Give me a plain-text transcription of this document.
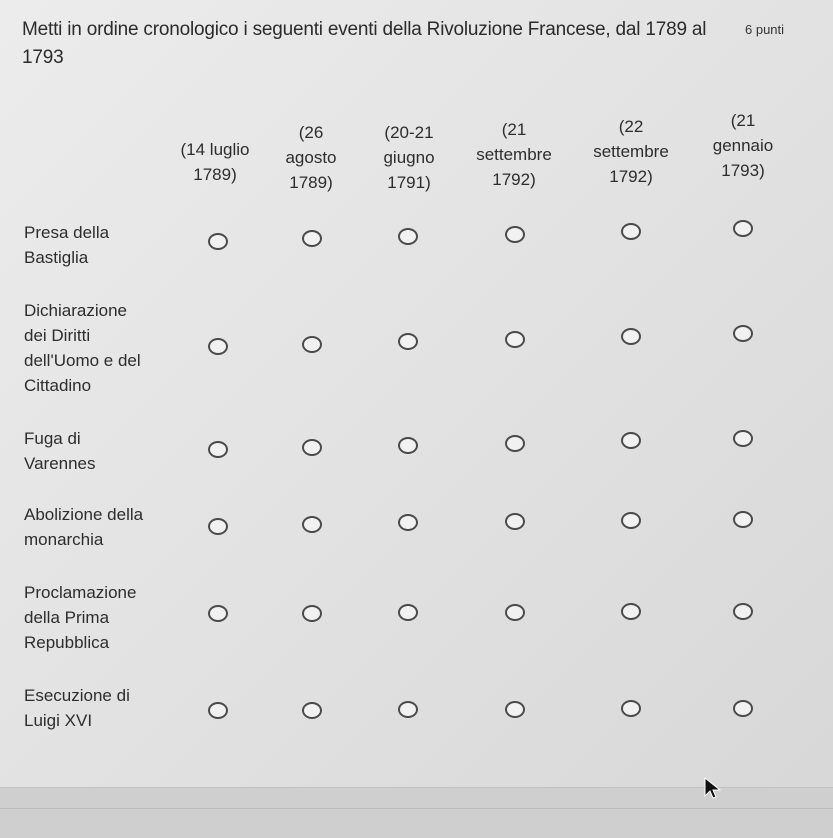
Metti in ordine cronologico i seguenti eventi della Rivoluzione Francese, dal 1789 al 1793
6 punti
(14 luglio
1789)
(26
agosto
1789)
(20-21
giugno
1791)
(21
settembre
1792)
(22
settembre
1792)
(21
gennaio
1793)
Presa della
Bastiglia
Dichiarazione
dei Diritti
dell'Uomo e del
Cittadino
Fuga di
Varennes
Abolizione della
monarchia
Proclamazione
della Prima
Repubblica
Esecuzione di
Luigi XVI
